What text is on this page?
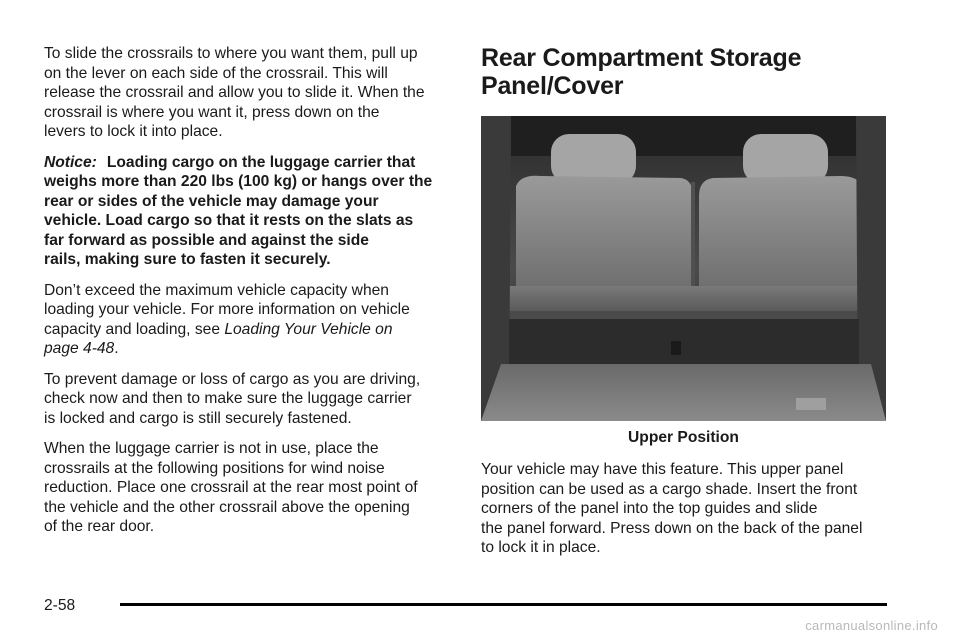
To slide the crossrails to where you want them, pull up
on the lever on each side of the crossrail. This will
release the crossrail and allow you to slide it. When the
crossrail is where you want it, press down on the
levers to lock it into place.

Notice: Loading cargo on the luggage carrier that
weighs more than 220 lbs (100 kg) or hangs over the
rear or sides of the vehicle may damage your
vehicle. Load cargo so that it rests on the slats as
far forward as possible and against the side
rails, making sure to fasten it securely.

Don’t exceed the maximum vehicle capacity when
loading your vehicle. For more information on vehicle
capacity and loading, see Loading Your Vehicle on
page 4-48.

To prevent damage or loss of cargo as you are driving,
check now and then to make sure the luggage carrier
is locked and cargo is still securely fastened.

When the luggage carrier is not in use, place the
crossrails at the following positions for wind noise
reduction. Place one crossrail at the rear most point of
the vehicle and the other crossrail above the opening
of the rear door.

Rear Compartment Storage
Panel/Cover
Upper Position

Your vehicle may have this feature. This upper panel
position can be used as a cargo shade. Insert the front
corners of the panel into the top guides and slide
the panel forward. Press down on the back of the panel
to lock it in place.

2-58
carmanualsonline.info
